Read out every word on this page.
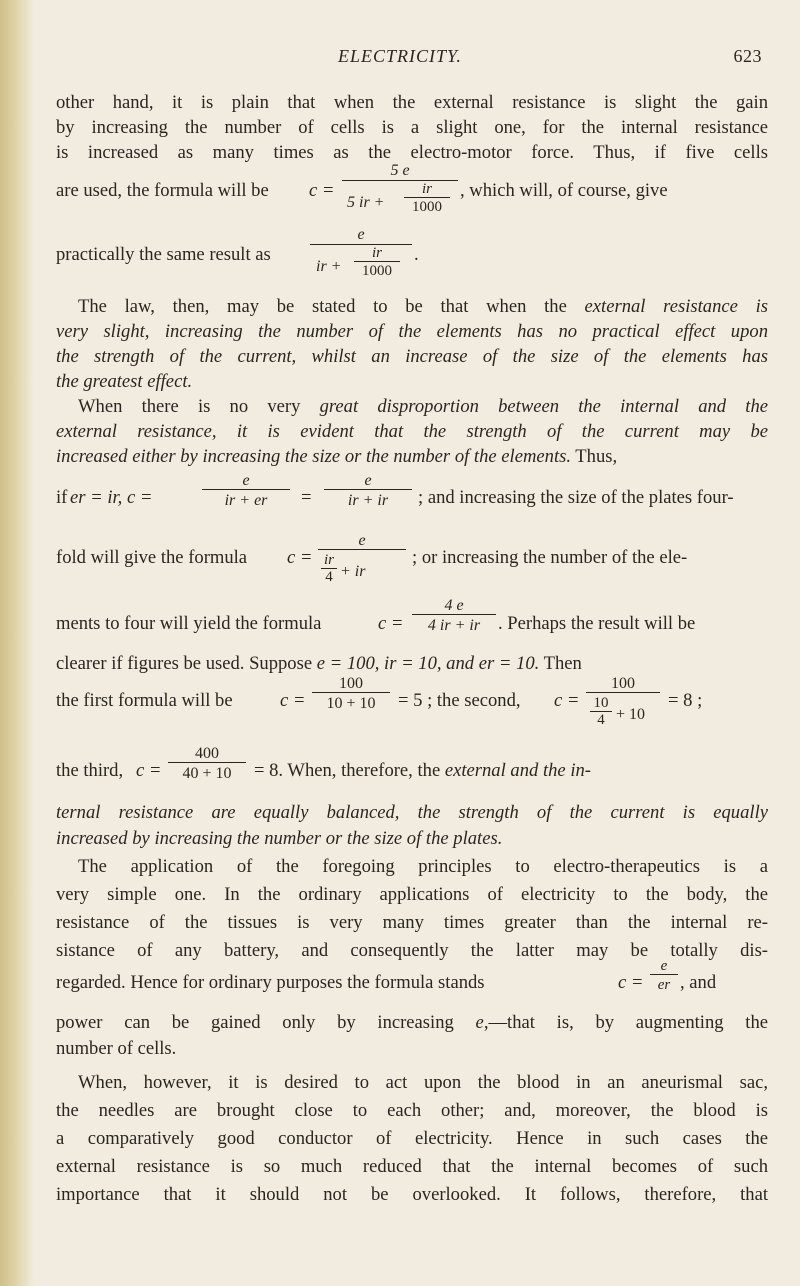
ELECTRICITY.	623
other hand, it is plain that when the external resistance is slight the gain
by increasing the number of cells is a slight one, for the internal resistance
is increased as many times as the electro-motor force. Thus, if five cells
are used, the formula will be c =
5 e
5 ir +
ir
1000
, which will, of course, give
practically the same result as
e
ir +
ir
1000
.
The law, then, may be stated to be that when the external resistance is
very slight, increasing the number of the elements has no practical effect upon
the strength of the current, whilst an increase of the size of the elements has
the greatest effect.
When there is no very great disproportion between the internal and the
external resistance, it is evident that the strength of the current may be
increased either by increasing the size or the number of the elements. Thus,
if er = ir, c =
e
ir + er	=
e
ir + ir	; and increasing the size of the plates four-
fold will give the formula c =
e
ir
4 + ir
; or increasing the number of the ele-
ments to four will yield the formula	c =
4 e
4 ir + ir . Perhaps the result will be
clearer if figures be used. Suppose e = 100, ir = 10, and er = 10. Then
the first formula will be	c =
100
10 + 10	= 5 ; the second, c =
100
10
4 + 10
= 8 ;
the third, c =
400
40 + 10	= 8. When, therefore, the external and the in-
ternal resistance are equally balanced, the strength of the current is equally
increased by increasing the number or the size of the plates.
The application of the foregoing principles to electro-therapeutics is a
very simple one. In the ordinary applications of electricity to the body, the
resistance of the tissues is very many times greater than the internal re-
sistance of any battery, and consequently the latter may be totally dis-
regarded. Hence for ordinary purposes the formula stands	c =
e
er , and
power can be gained only by increasing e,—that is, by augmenting the
number of cells.
When, however, it is desired to act upon the blood in an aneurismal sac,
the needles are brought close to each other; and, moreover, the blood is
a comparatively good conductor of electricity. Hence in such cases the
external resistance is so much reduced that the internal becomes of such
importance that it should not be overlooked. It follows, therefore, that
